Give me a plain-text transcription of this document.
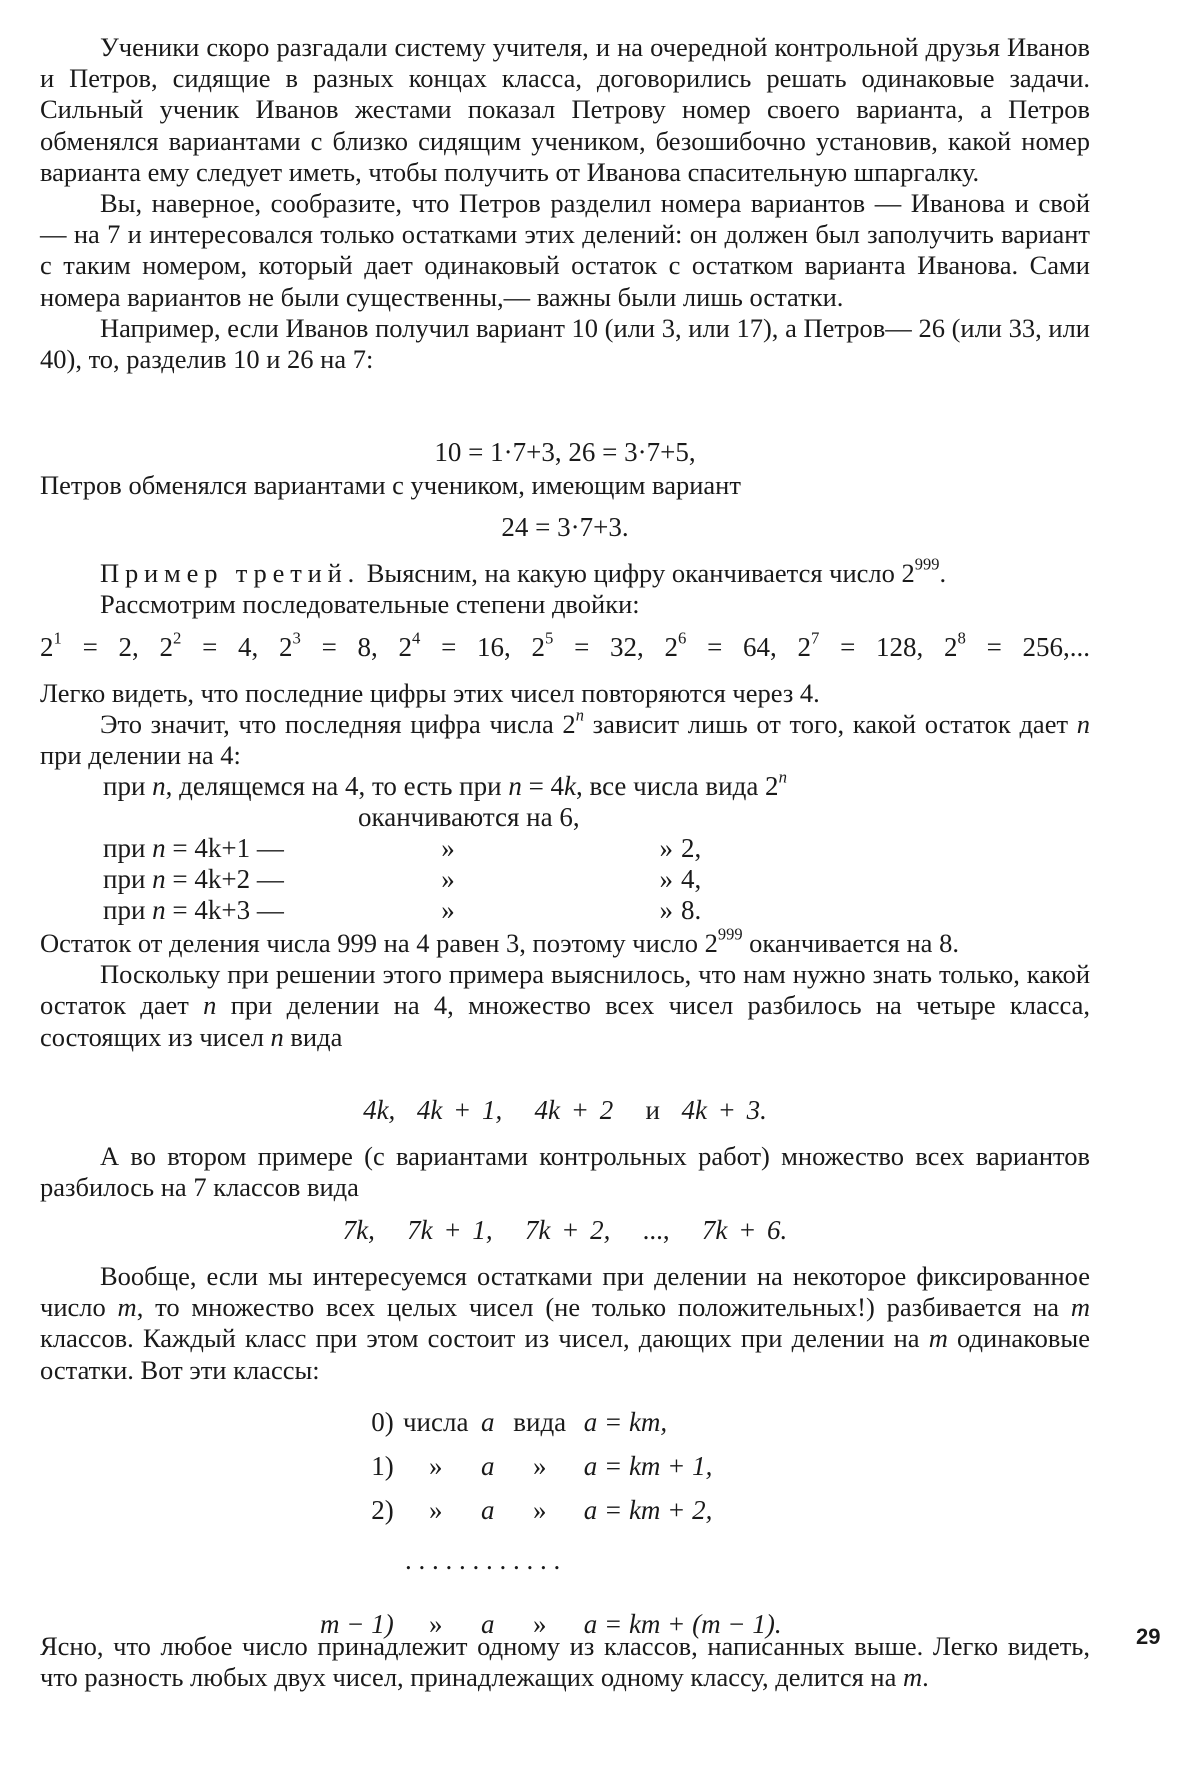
Ученики скоро разгадали систему учителя, и на очередной контрольной друзья Иванов и Петров, сидящие в разных концах класса, договорились решать одинаковые задачи. Сильный ученик Иванов жестами показал Петрову номер своего варианта, а Петров обменялся вариантами с близко сидящим учеником, безошибочно установив, какой номер варианта ему следует иметь, чтобы получить от Иванова спасительную шпаргалку.

Вы, наверное, сообразите, что Петров разделил номера вариантов — Иванова и свой — на 7 и интересовался только остатками этих делений: он должен был заполучить вариант с таким номером, который дает одинаковый остаток с остатком варианта Иванова. Сами номера вариантов не были существенны,— важны были лишь остатки.

Например, если Иванов получил вариант 10 (или 3, или 17), а Петров— 26 (или 33, или 40), то, разделив 10 и 26 на 7:

10 = 1·7+3, 26 = 3·7+5,

Петров обменялся вариантами с учеником, имеющим вариант

24 = 3·7+3.

Пример третий. Выясним, на какую цифру оканчивается число $2^{999}$.

Рассмотрим последовательные степени двойки:

$2^1 = 2$, $2^2 = 4$, $2^3 = 8$, $2^4 = 16$, $2^5 = 32$, $2^6 = 64$, $2^7 = 128$, $2^8 = 256$,...

Легко видеть, что последние цифры этих чисел повторяются через 4.

Это значит, что последняя цифра числа 2$^n$ зависит лишь от того, какой остаток дает n при делении на 4:

при n, делящемся на 4, то есть при n = 4k, все числа вида 2$^n$
оканчиваются на 6,
при n = 4k+1 —	»	»	2,
при n = 4k+2 —	»	»	4,
при n = 4k+3 —	»	»	8.

Остаток от деления числа 999 на 4 равен 3, поэтому число $2^{999}$ оканчивается на 8.

Поскольку при решении этого примера выяснилось, что нам нужно знать только, какой остаток дает n при делении на 4, множество всех чисел разбилось на четыре класса, состоящих из чисел n вида

4k, 4k + 1, 4k + 2 и 4k + 3.

А во втором примере (с вариантами контрольных работ) множество всех вариантов разбилось на 7 классов вида

7k, 7k + 1, 7k + 2, ..., 7k + 6.

Вообще, если мы интересуемся остатками при делении на некоторое фиксированное число m, то множество всех целых чисел (не только положительных!) разбивается на m классов. Каждый класс при этом состоит из чисел, дающих при делении на m одинаковые остатки. Вот эти классы:

0)	числа	a	вида	a = km,
1)	»	a	»	a = km + 1,
2)	»	a	»	a = km + 2,

m − 1)	»	a	»	a = km + (m − 1).
. . . . . . . . . . . .

Ясно, что любое число принадлежит одному из классов, написанных выше. Легко видеть, что разность любых двух чисел, принадлежащих одному классу, делится на m.

29
